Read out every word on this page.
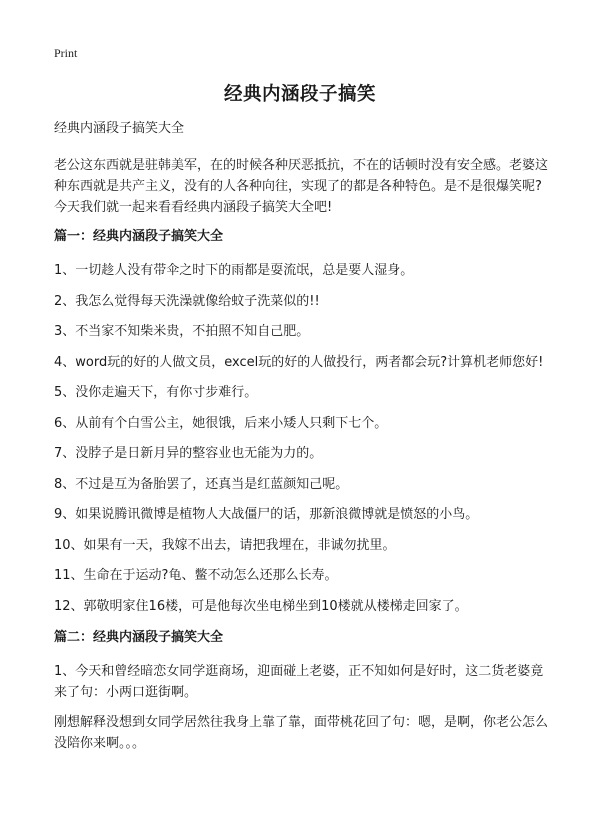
Print
经典内涵段子搞笑

经典内涵段子搞笑大全

老公这东西就是驻韩美军，在的时候各种厌恶抵抗，不在的话顿时没有安全感。老婆这种东西就是共产主义，没有的人各种向往，实现了的都是各种特色。是不是很爆笑呢?今天我们就一起来看看经典内涵段子搞笑大全吧!

篇一：经典内涵段子搞笑大全

1、一切趁人没有带伞之时下的雨都是耍流氓，总是要人湿身。

2、我怎么觉得每天洗澡就像给蚊子洗菜似的!!

3、不当家不知柴米贵，不拍照不知自己肥。

4、word玩的好的人做文员，excel玩的好的人做投行，两者都会玩?计算机老师您好!

5、没你走遍天下，有你寸步难行。

6、从前有个白雪公主，她很饿，后来小矮人只剩下七个。

7、没脖子是日新月异的整容业也无能为力的。

8、不过是互为备胎罢了，还真当是红蓝颜知己呢。

9、如果说腾讯微博是植物人大战僵尸的话，那新浪微博就是愤怒的小鸟。

10、如果有一天，我嫁不出去，请把我埋在，非诚勿扰里。

11、生命在于运动?龟、鳖不动怎么还那么长寿。

12、郭敬明家住16楼，可是他每次坐电梯坐到10楼就从楼梯走回家了。

篇二：经典内涵段子搞笑大全

1、今天和曾经暗恋女同学逛商场，迎面碰上老婆，正不知如何是好时，这二货老婆竟来了句：小两口逛街啊。

刚想解释没想到女同学居然往我身上靠了靠，面带桃花回了句：嗯，是啊，你老公怎么没陪你来啊。。。
